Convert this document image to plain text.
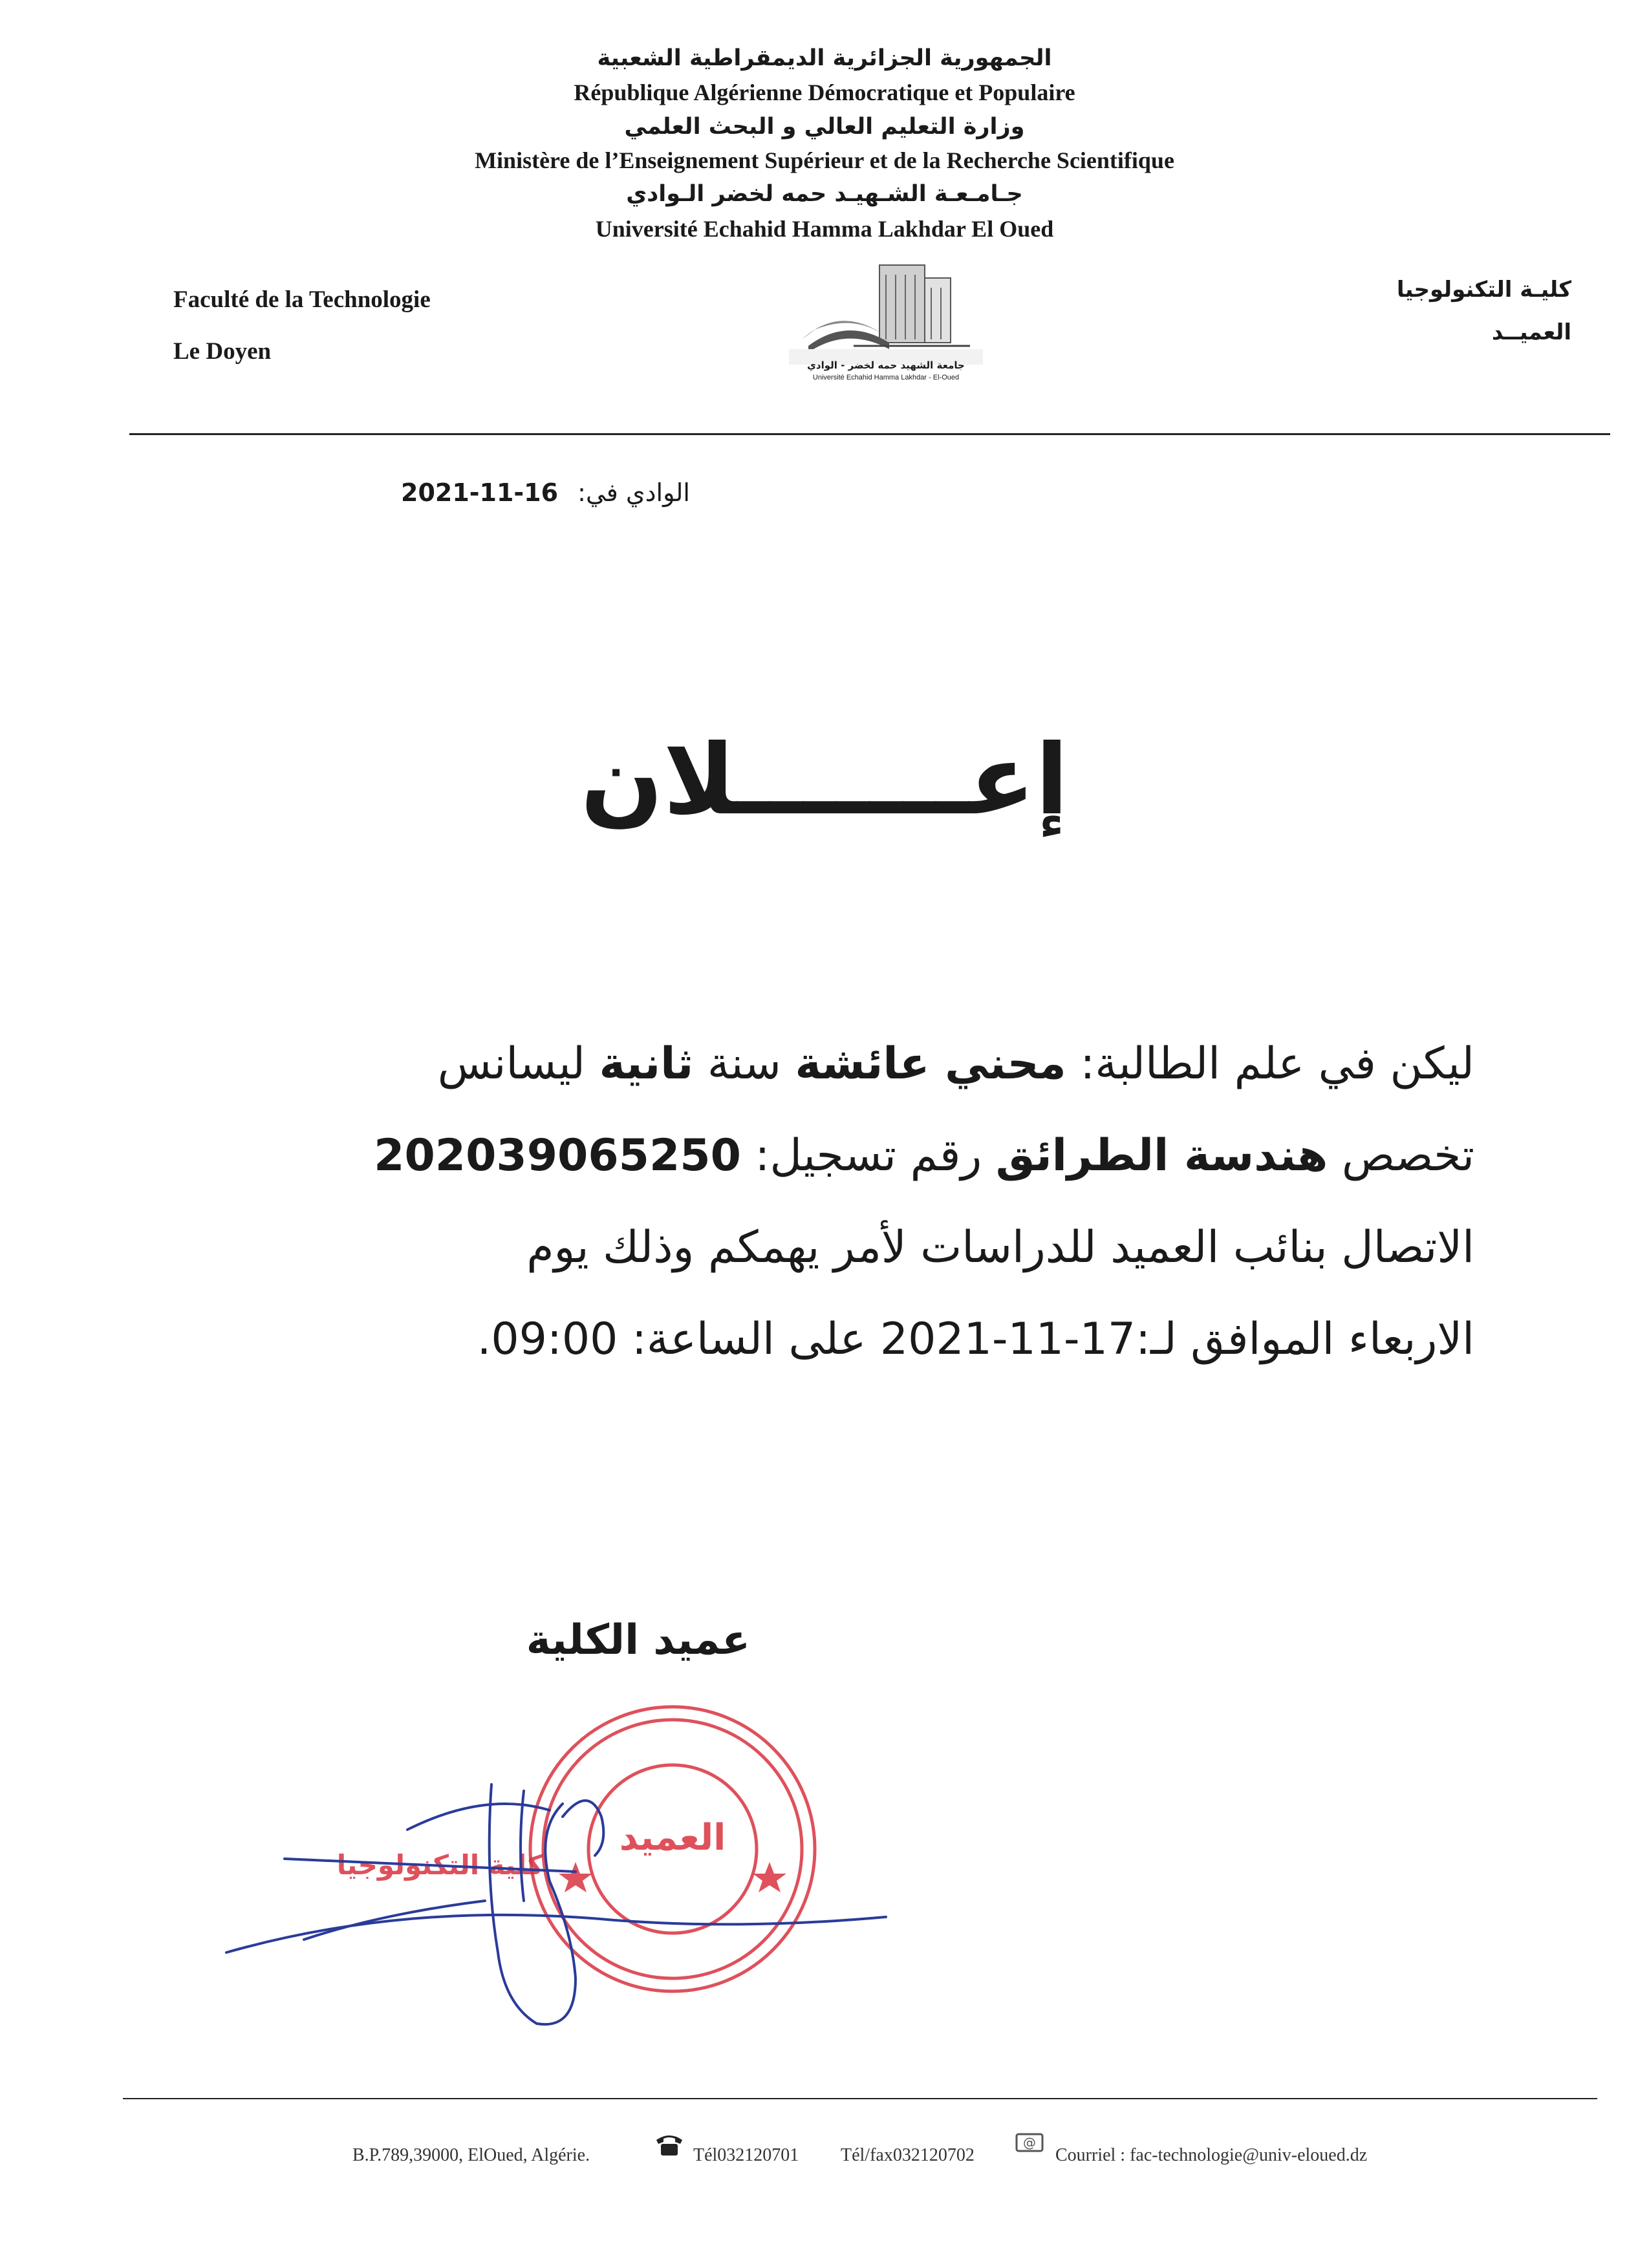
الجمهورية الجزائرية الديمقراطية الشعبية
République Algérienne Démocratique et Populaire
وزارة التعليم العالي و البحث العلمي
Ministère de l’Enseignement Supérieur et de la Recherche Scientifique
جـامـعـة الشـهيـد حمه لخضر الـوادي
Université Echahid Hamma Lakhdar El Oued
Faculté de la Technologie
Le Doyen
كليـة التكنولوجيا
العميــد
جامعة الشهيد حمه لخضر - الوادي
Université Echahid Hamma Lakhdar - El-Oued
2021-11-16 الوادي في:
إعـــــــلان
ليكن في علم الطالبة: محني عائشة سنة ثانية ليسانس
تخصص هندسة الطرائق رقم تسجيل: 202039065250
الاتصال بنائب العميد للدراسات لأمر يهمكم وذلك يوم
الاربعاء الموافق لـ:17-11-2021 على الساعة: 09:00.
عميد الكلية
العميد
كلية التكنولوجيا
B.P.789,39000, ElOued, Algérie.	Tél032120701 Tél/fax032120702
@
Courriel : fac-technologie@univ-eloued.dz
